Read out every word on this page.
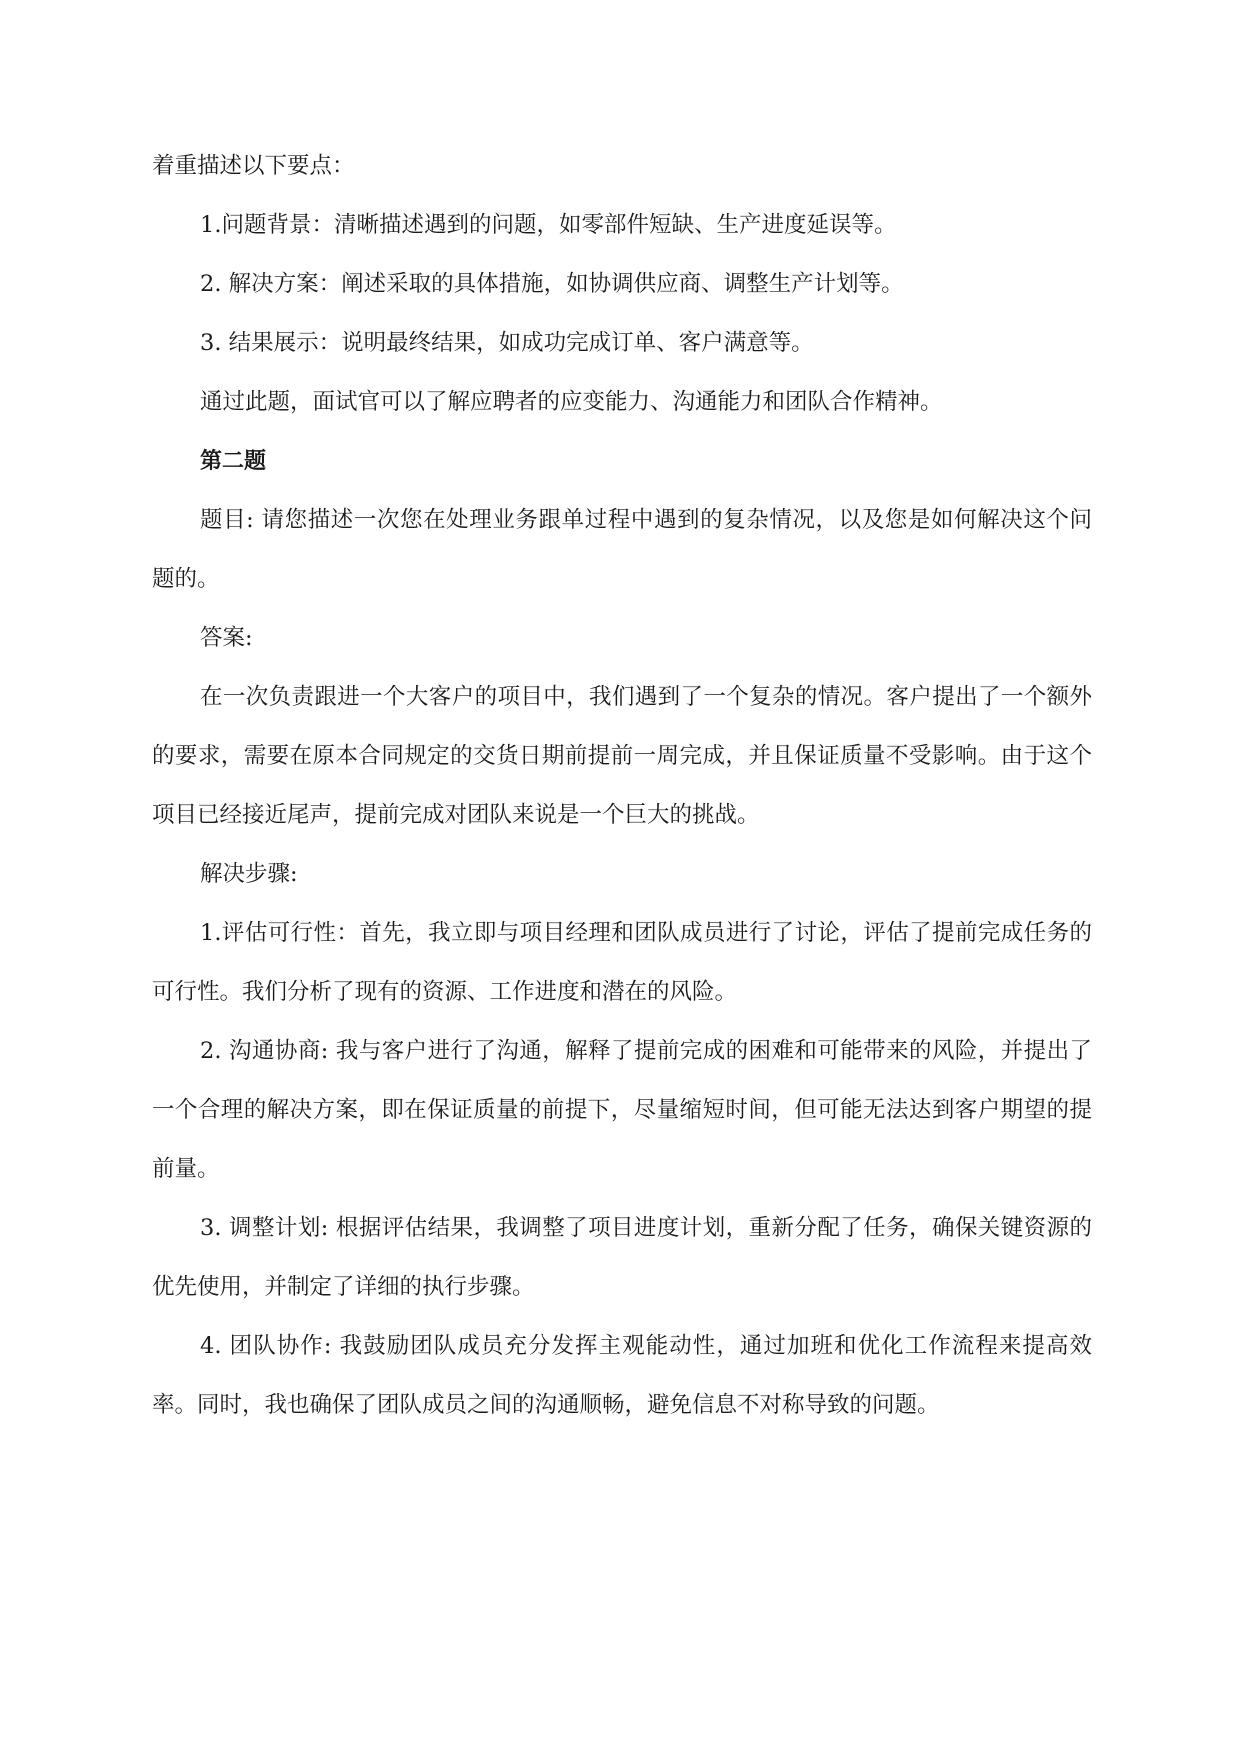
着重描述以下要点：

1.问题背景：清晰描述遇到的问题，如零部件短缺、生产进度延误等。

2. 解决方案：阐述采取的具体措施，如协调供应商、调整生产计划等。

3. 结果展示：说明最终结果，如成功完成订单、客户满意等。

通过此题，面试官可以了解应聘者的应变能力、沟通能力和团队合作精神。

第二题

题目: 请您描述一次您在处理业务跟单过程中遇到的复杂情况，以及您是如何解决这个问题的。

答案:

在一次负责跟进一个大客户的项目中，我们遇到了一个复杂的情况。客户提出了一个额外的要求，需要在原本合同规定的交货日期前提前一周完成，并且保证质量不受影响。由于这个项目已经接近尾声，提前完成对团队来说是一个巨大的挑战。

解决步骤:

1.评估可行性：首先，我立即与项目经理和团队成员进行了讨论，评估了提前完成任务的可行性。我们分析了现有的资源、工作进度和潜在的风险。

2. 沟通协商: 我与客户进行了沟通，解释了提前完成的困难和可能带来的风险，并提出了一个合理的解决方案，即在保证质量的前提下，尽量缩短时间，但可能无法达到客户期望的提前量。

3. 调整计划: 根据评估结果，我调整了项目进度计划，重新分配了任务，确保关键资源的优先使用，并制定了详细的执行步骤。

4. 团队协作: 我鼓励团队成员充分发挥主观能动性，通过加班和优化工作流程来提高效率。同时，我也确保了团队成员之间的沟通顺畅，避免信息不对称导致的问题。
